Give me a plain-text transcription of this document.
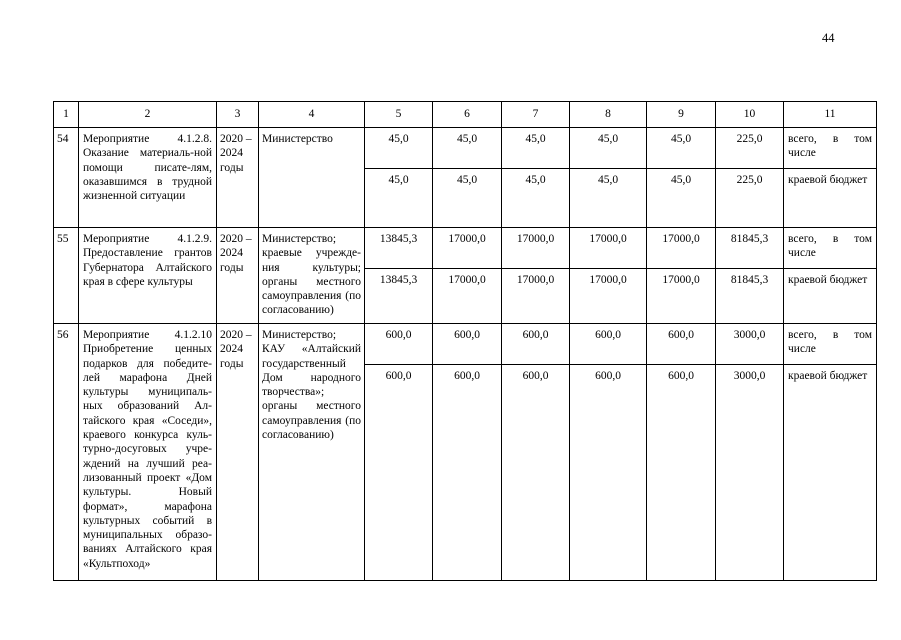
44
1	2	3	4	5	6	7	8	9	10	11
54	Мероприятие 4.1.2.8. Оказание материаль-ной помощи писате-лям, оказавшимся в трудной жизненной ситуации	2020 – 2024 годы	Министерство	45,0	45,0	45,0	45,0	45,0	225,0	всего, в том числе

				45,0	45,0	45,0	45,0	45,0	225,0	краевой бюджет

55	Мероприятие 4.1.2.9. Предоставление грантов Губернатора Алтайского края в сфере культуры	2020 – 2024 годы	Министерство; краевые учрежде-ния культуры; органы местного самоуправления (по согласованию)	13845,3	17000,0	17000,0	17000,0	17000,0	81845,3	всего, в том числе

				13845,3	17000,0	17000,0	17000,0	17000,0	81845,3	краевой бюджет

56	Мероприятие 4.1.2.10 Приобретение ценных подарков для победите-лей марафона Дней культуры муниципаль-ных образований Ал-тайского края «Соседи», краевого конкурса куль-турно-досуговых учре-ждений на лучший реа-лизованный проект «Дом культуры. Новый формат», марафона культурных событий в муниципальных образо-ваниях Алтайского края «Культпоход»	2020 – 2024 годы	Министерство; КАУ «Алтайский государственный Дом народного творчества»; органы местного самоуправления (по согласованию)	600,0	600,0	600,0	600,0	600,0	3000,0	всего, в том числе

				600,0	600,0	600,0	600,0	600,0	3000,0	краевой бюджет
